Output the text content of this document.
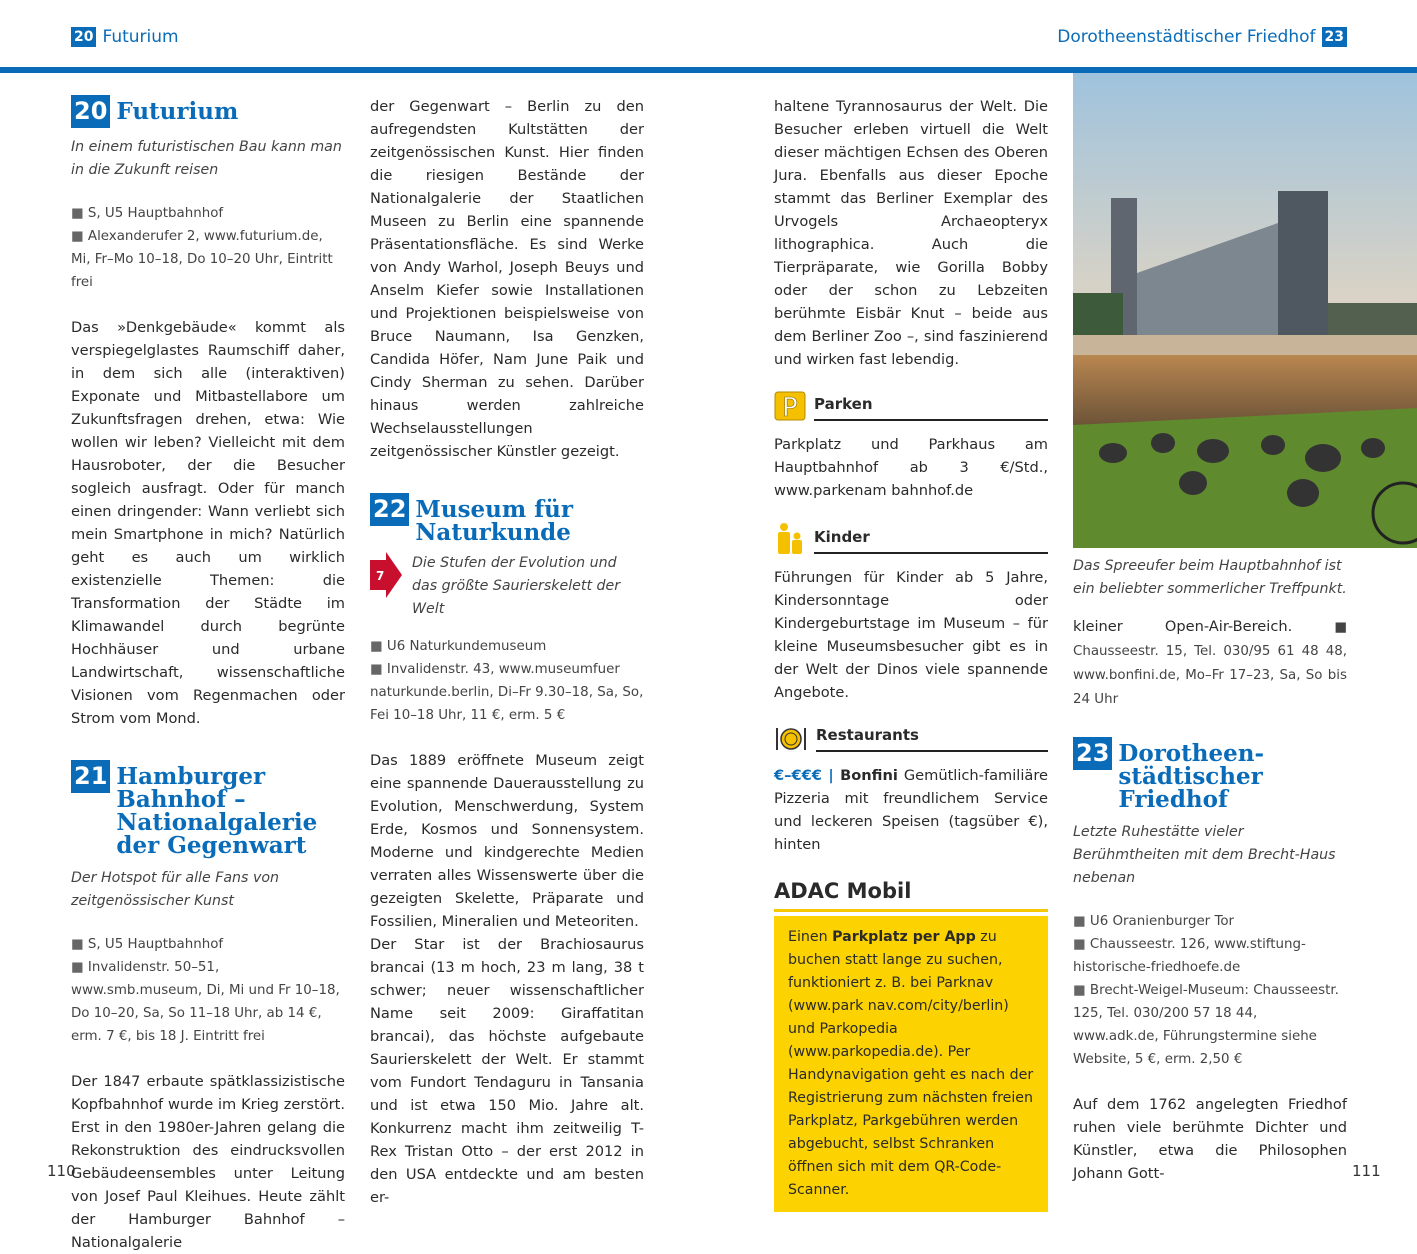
20 Futurium	Dorotheenstädtischer Friedhof 23
20 Futurium
In einem futuristischen Bau kann man in die Zukunft reisen
■ S, U5 Hauptbahnhof
■ Alexanderufer 2, www.futurium.de, Mi, Fr–Mo 10–18, Do 10–20 Uhr, Eintritt frei

Das »Denkgebäude« kommt als verspiegelglastes Raumschiff daher, in dem sich alle (interaktiven) Exponate und Mitbastellabore um Zukunftsfragen drehen, etwa: Wie wollen wir leben? Vielleicht mit dem Hausroboter, der die Besucher sogleich ausfragt. Oder für manch einen dringender: Wann verliebt sich mein Smartphone in mich? Natürlich geht es auch um wirklich existenzielle Themen: die Transformation der Städte im Klimawandel durch begrünte Hochhäuser und urbane Landwirtschaft, wissenschaftliche Visionen vom Regenmachen oder Strom vom Mond.

21 Hamburger Bahnhof – Nationalgalerie der Gegenwart
Der Hotspot für alle Fans von zeitgenössischer Kunst
■ S, U5 Hauptbahnhof
■ Invalidenstr. 50–51, www.smb.museum, Di, Mi und Fr 10–18, Do 10–20, Sa, So 11–18 Uhr, ab 14 €, erm. 7 €, bis 18 J. Eintritt frei

Der 1847 erbaute spätklassizistische Kopfbahnhof wurde im Krieg zerstört. Erst in den 1980er-Jahren gelang die Rekonstruktion des eindrucksvollen Gebäudeensembles unter Leitung von Josef Paul Kleihues. Heute zählt der Hamburger Bahnhof – Nationalgalerie

der Gegenwart – Berlin zu den aufregendsten Kultstätten der zeitgenössischen Kunst. Hier finden die riesigen Bestände der Nationalgalerie der Staatlichen Museen zu Berlin eine spannende Präsentationsfläche. Es sind Werke von Andy Warhol, Joseph Beuys und Anselm Kiefer sowie Installationen und Projektionen beispielsweise von Bruce Naumann, Isa Genzken, Candida Höfer, Nam June Paik und Cindy Sherman zu sehen. Darüber hinaus werden zahlreiche Wechselausstellungen zeitgenössischer Künstler gezeigt.

22 Museum für Naturkunde
7
Die Stufen der Evolution und das größte Saurierskelett der Welt
■ U6 Naturkundemuseum
■ Invalidenstr. 43, www.museumfuer naturkunde.berlin, Di–Fr 9.30–18, Sa, So, Fei 10–18 Uhr, 11 €, erm. 5 €

Das 1889 eröffnete Museum zeigt eine spannende Dauerausstellung zu Evolution, Menschwerdung, System Erde, Kosmos und Sonnensystem. Moderne und kindgerechte Medien verraten alles Wissenswerte über die gezeigten Skelette, Präparate und Fossilien, Mineralien und Meteoriten.

Der Star ist der Brachiosaurus brancai (13 m hoch, 23 m lang, 38 t schwer; neuer wissenschaftlicher Name seit 2009: Giraffatitan brancai), das höchste aufgebaute Saurierskelett der Welt. Er stammt vom Fundort Tendaguru in Tansania und ist etwa 150 Mio. Jahre alt. Konkurrenz macht ihm zeitweilig T-Rex Tristan Otto – der erst 2012 in den USA entdeckte und am besten er-

haltene Tyrannosaurus der Welt. Die Besucher erleben virtuell die Welt dieser mächtigen Echsen des Oberen Jura. Ebenfalls aus dieser Epoche stammt das Berliner Exemplar des Urvogels Archaeopteryx lithographica. Auch die Tierpräparate, wie Gorilla Bobby oder der schon zu Lebzeiten berühmte Eisbär Knut – beide aus dem Berliner Zoo –, sind faszinierend und wirken fast lebendig.

P Parken

Parkplatz und Parkhaus am Hauptbahnhof ab 3 €/Std., www.parkenam bahnhof.de

Kinder

Führungen für Kinder ab 5 Jahre, Kindersonntage oder Kindergeburtstage im Museum – für kleine Museumsbesucher gibt es in der Welt der Dinos viele spannende Angebote.

Restaurants

€–€€€ | Bonfini Gemütlich-familiäre Pizzeria mit freundlichem Service und leckeren Speisen (tagsüber €), hinten

ADAC Mobil
Einen Parkplatz per App zu buchen statt lange zu suchen, funktioniert z. B. bei Parknav (www.park nav.com/city/berlin) und Parkopedia (www.parkopedia.de). Per Handynavigation geht es nach der Registrierung zum nächsten freien Parkplatz, Parkgebühren werden abgebucht, selbst Schranken öffnen sich mit dem QR-Code-Scanner.
Das Spreeufer beim Hauptbahnhof ist ein beliebter sommerlicher Treffpunkt.

kleiner Open-Air-Bereich. ■ Chausseestr. 15, Tel. 030/95 61 48 48, www.bonfini.de, Mo–Fr 17–23, Sa, So bis 24 Uhr

23 Dorotheen-städtischer Friedhof
Letzte Ruhestätte vieler Berühmtheiten mit dem Brecht-Haus nebenan
■ U6 Oranienburger Tor
■ Chausseestr. 126, www.stiftung-historische-friedhoefe.de
■ Brecht-Weigel-Museum: Chausseestr. 125, Tel. 030/200 57 18 44, www.adk.de, Führungstermine siehe Website, 5 €, erm. 2,50 €

Auf dem 1762 angelegten Friedhof ruhen viele berühmte Dichter und Künstler, etwa die Philosophen Johann Gott-

110	111
